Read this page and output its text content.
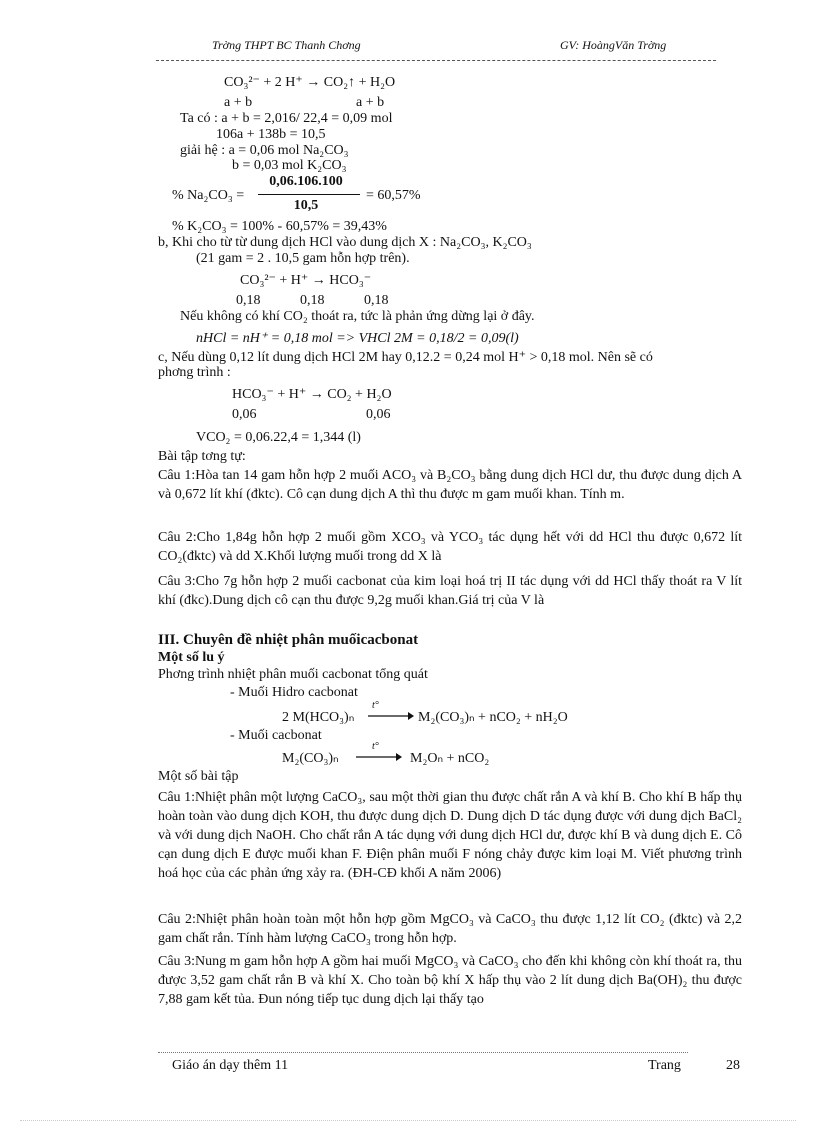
Trờng THPT BC Thanh Chơng	GV: HoàngVăn Trờng
CO₃²⁻ + 2 H⁺ → CO₂↑ + H₂O
a + b	a + b
Ta có : a + b = 2,016/ 22,4 = 0,09 mol
106a + 138b = 10,5
giải hệ : a = 0,06 mol Na₂CO₃
b = 0,03 mol K₂CO₃
% Na₂CO₃ =
0,06.106.100
10,5
= 60,57%
% K₂CO₃ = 100% - 60,57% = 39,43%
b, Khi cho từ từ dung dịch HCl vào dung dịch X : Na₂CO₃, K₂CO₃
(21 gam = 2 . 10,5 gam hỗn hợp trên).
CO₃²⁻ + H⁺ → HCO₃⁻
0,18 0,18 0,18
Nếu không có khí CO₂ thoát ra, tức là phản ứng dừng lại ở đây.
nHCl = nH⁺ = 0,18 mol => VHCl 2M = 0,18/2 = 0,09(l)
c, Nếu dùng 0,12 lít dung dịch HCl 2M hay 0,12.2 = 0,24 mol H⁺ > 0,18 mol. Nên sẽ có
phơng trình :
HCO₃⁻ + H⁺ → CO₂ + H₂O
0,06	0,06
VCO₂ = 0,06.22,4 = 1,344 (l)
Bài tập tơng tự:
Câu 1:Hòa tan 14 gam hỗn hợp 2 muối ACO₃ và B₂CO₃ bằng dung dịch HCl dư, thu được dung dịch A và 0,672 lít khí (đktc). Cô cạn dung dịch A thì thu được m gam muối khan. Tính m.
Câu 2:Cho 1,84g hỗn hợp 2 muối gồm XCO₃ và YCO₃ tác dụng hết với dd HCl thu được 0,672 lít CO₂(đktc) và dd X.Khối lượng muối trong dd X là
Câu 3:Cho 7g hỗn hợp 2 muối cacbonat của kim loại hoá trị II tác dụng với dd HCl thấy thoát ra V lít khí (đkc).Dung dịch cô cạn thu được 9,2g muối khan.Giá trị của V là
III. Chuyên đề nhiệt phân muốicacbonat
Một số lu ý
Phơng trình nhiệt phân muối cacbonat tổng quát
- Muối Hidro cacbonat
2 M(HCO₃)ₙ
t°
M₂(CO₃)ₙ + nCO₂ + nH₂O
- Muối cacbonat
M₂(CO₃)ₙ
t°
M₂Oₙ + nCO₂
Một số bài tập
Câu 1:Nhiệt phân một lượng CaCO₃, sau một thời gian thu được chất rắn A và khí B. Cho khí B hấp thụ hoàn toàn vào dung dịch KOH, thu được dung dịch D. Dung dịch D tác dụng được với dung dịch BaCl₂ và với dung dịch NaOH. Cho chất rắn A tác dụng với dung dịch HCl dư, được khí B và dung dịch E. Cô cạn dung dịch E được muối khan F. Điện phân muối F nóng chảy được kim loại M. Viết phương trình hoá học của các phản ứng xảy ra. (ĐH-CĐ khối A năm 2006)
Câu 2:Nhiệt phân hoàn toàn một hỗn hợp gồm MgCO₃ và CaCO₃ thu được 1,12 lít CO₂ (đktc) và 2,2 gam chất rắn. Tính hàm lượng CaCO₃ trong hỗn hợp.
Câu 3:Nung m gam hỗn hợp A gồm hai muối MgCO₃ và CaCO₃ cho đến khi không còn khí thoát ra, thu được 3,52 gam chất rắn B và khí X. Cho toàn bộ khí X hấp thụ vào 2 lít dung dịch Ba(OH)₂ thu được 7,88 gam kết tủa. Đun nóng tiếp tục dung dịch lại thấy tạo
Giáo án dạy thêm 11	Trang	28
